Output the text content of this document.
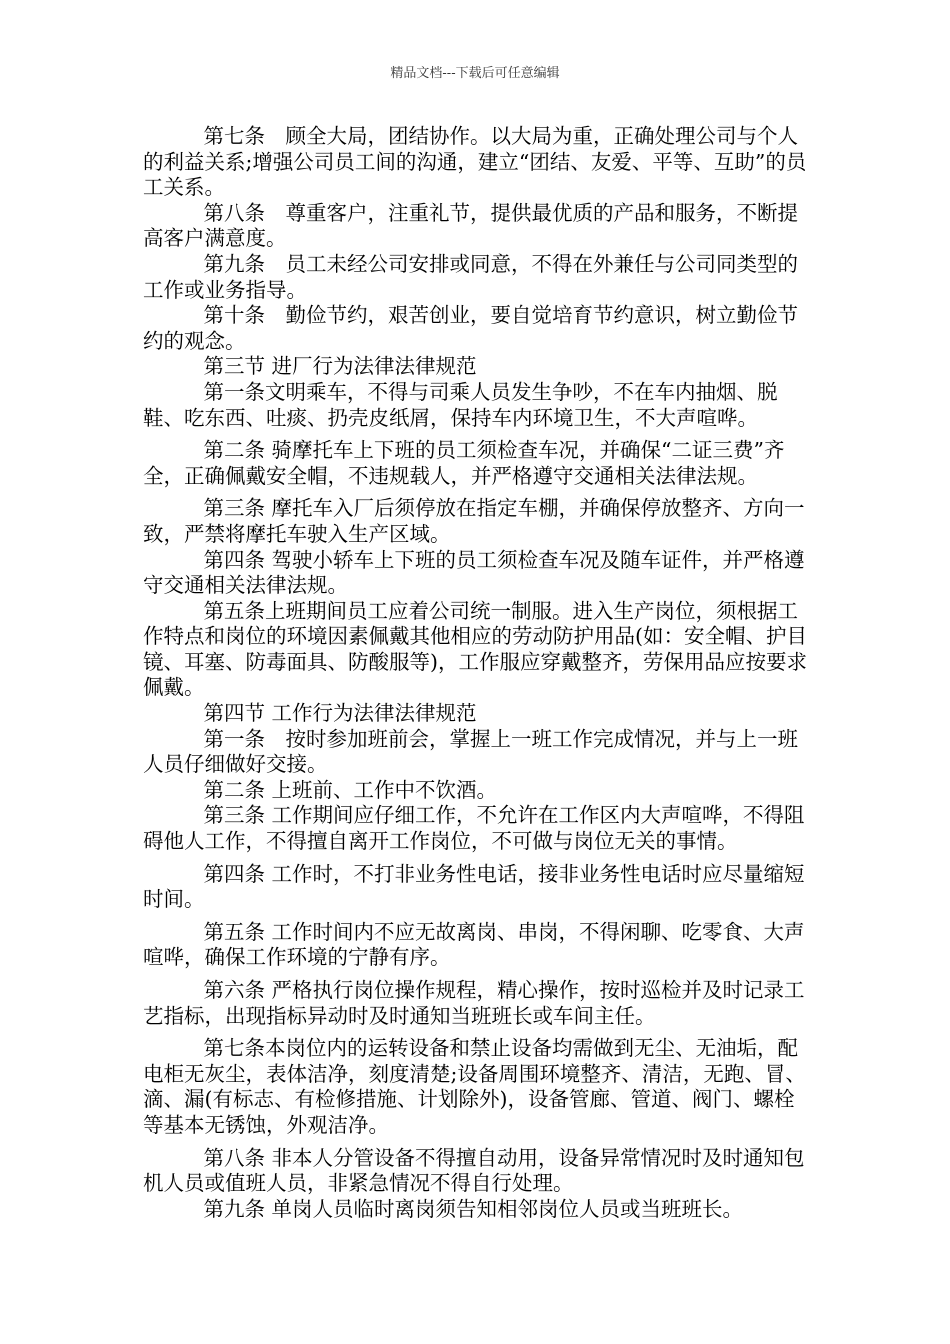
精品文档---下载后可任意编辑

第七条　顾全大局，团结协作。以大局为重，正确处理公司与个人的利益关系;增强公司员工间的沟通，建立“团结、友爱、平等、互助”的员工关系。

第八条　尊重客户，注重礼节，提供最优质的产品和服务，不断提高客户满意度。

第九条　员工未经公司安排或同意，不得在外兼任与公司同类型的工作或业务指导。

第十条　勤俭节约，艰苦创业，要自觉培育节约意识，树立勤俭节约的观念。

第三节 进厂行为法律法律规范

第一条文明乘车，不得与司乘人员发生争吵，不在车内抽烟、脱鞋、吃东西、吐痰、扔壳皮纸屑，保持车内环境卫生，不大声喧哗。

第二条 骑摩托车上下班的员工须检查车况，并确保“二证三费”齐全，正确佩戴安全帽，不违规载人，并严格遵守交通相关法律法规。

第三条 摩托车入厂后须停放在指定车棚，并确保停放整齐、方向一致，严禁将摩托车驶入生产区域。

第四条 驾驶小轿车上下班的员工须检查车况及随车证件，并严格遵守交通相关法律法规。

第五条上班期间员工应着公司统一制服。进入生产岗位，须根据工作特点和岗位的环境因素佩戴其他相应的劳动防护用品(如：安全帽、护目镜、耳塞、防毒面具、防酸服等)，工作服应穿戴整齐，劳保用品应按要求佩戴。

第四节 工作行为法律法律规范

第一条　按时参加班前会，掌握上一班工作完成情况，并与上一班人员仔细做好交接。

第二条 上班前、工作中不饮酒。

第三条 工作期间应仔细工作，不允许在工作区内大声喧哗，不得阻碍他人工作，不得擅自离开工作岗位，不可做与岗位无关的事情。

第四条 工作时，不打非业务性电话，接非业务性电话时应尽量缩短时间。

第五条 工作时间内不应无故离岗、串岗，不得闲聊、吃零食、大声喧哗，确保工作环境的宁静有序。

第六条 严格执行岗位操作规程，精心操作，按时巡检并及时记录工艺指标，出现指标异动时及时通知当班班长或车间主任。

第七条本岗位内的运转设备和禁止设备均需做到无尘、无油垢，配电柜无灰尘，表体洁净，刻度清楚;设备周围环境整齐、清洁，无跑、冒、滴、漏(有标志、有检修措施、计划除外)，设备管廊、管道、阀门、螺栓等基本无锈蚀，外观洁净。

第八条 非本人分管设备不得擅自动用，设备异常情况时及时通知包机人员或值班人员，非紧急情况不得自行处理。

第九条 单岗人员临时离岗须告知相邻岗位人员或当班班长。
